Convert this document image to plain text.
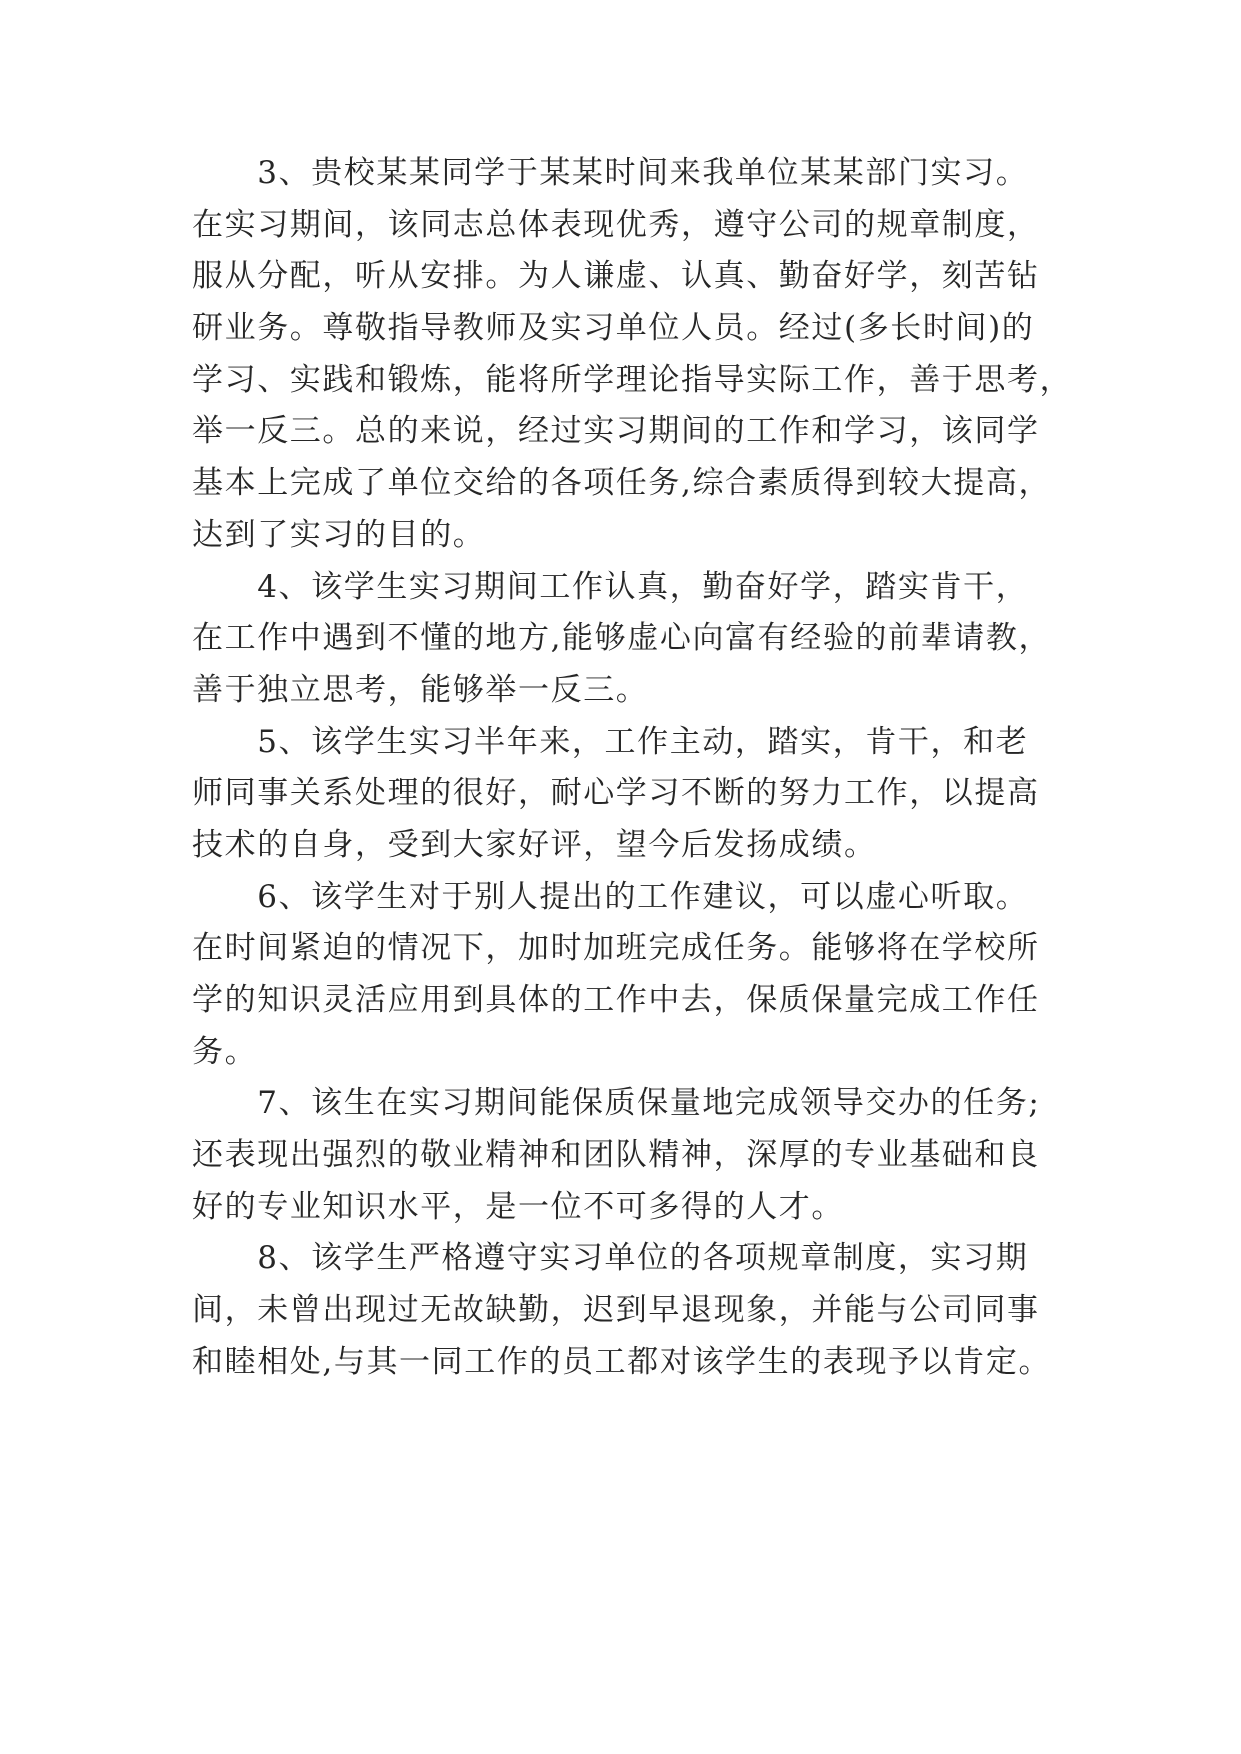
　　3、贵校某某同学于某某时间来我单位某某部门实习。
在实习期间，该同志总体表现优秀，遵守公司的规章制度，
服从分配，听从安排。为人谦虚、认真、勤奋好学，刻苦钻
研业务。尊敬指导教师及实习单位人员。经过(多长时间)的
学习、实践和锻炼，能将所学理论指导实际工作，善于思考，
举一反三。总的来说，经过实习期间的工作和学习，该同学
基本上完成了单位交给的各项任务,综合素质得到较大提高，
达到了实习的目的。
　　4、该学生实习期间工作认真，勤奋好学，踏实肯干，
在工作中遇到不懂的地方,能够虚心向富有经验的前辈请教，
善于独立思考，能够举一反三。
　　5、该学生实习半年来，工作主动，踏实，肯干，和老
师同事关系处理的很好，耐心学习不断的努力工作，以提高
技术的自身，受到大家好评，望今后发扬成绩。
　　6、该学生对于别人提出的工作建议，可以虚心听取。
在时间紧迫的情况下，加时加班完成任务。能够将在学校所
学的知识灵活应用到具体的工作中去，保质保量完成工作任
务。
　　7、该生在实习期间能保质保量地完成领导交办的任务;
还表现出强烈的敬业精神和团队精神，深厚的专业基础和良
好的专业知识水平，是一位不可多得的人才。
　　8、该学生严格遵守实习单位的各项规章制度，实习期
间，未曾出现过无故缺勤，迟到早退现象，并能与公司同事
和睦相处,与其一同工作的员工都对该学生的表现予以肯定。
